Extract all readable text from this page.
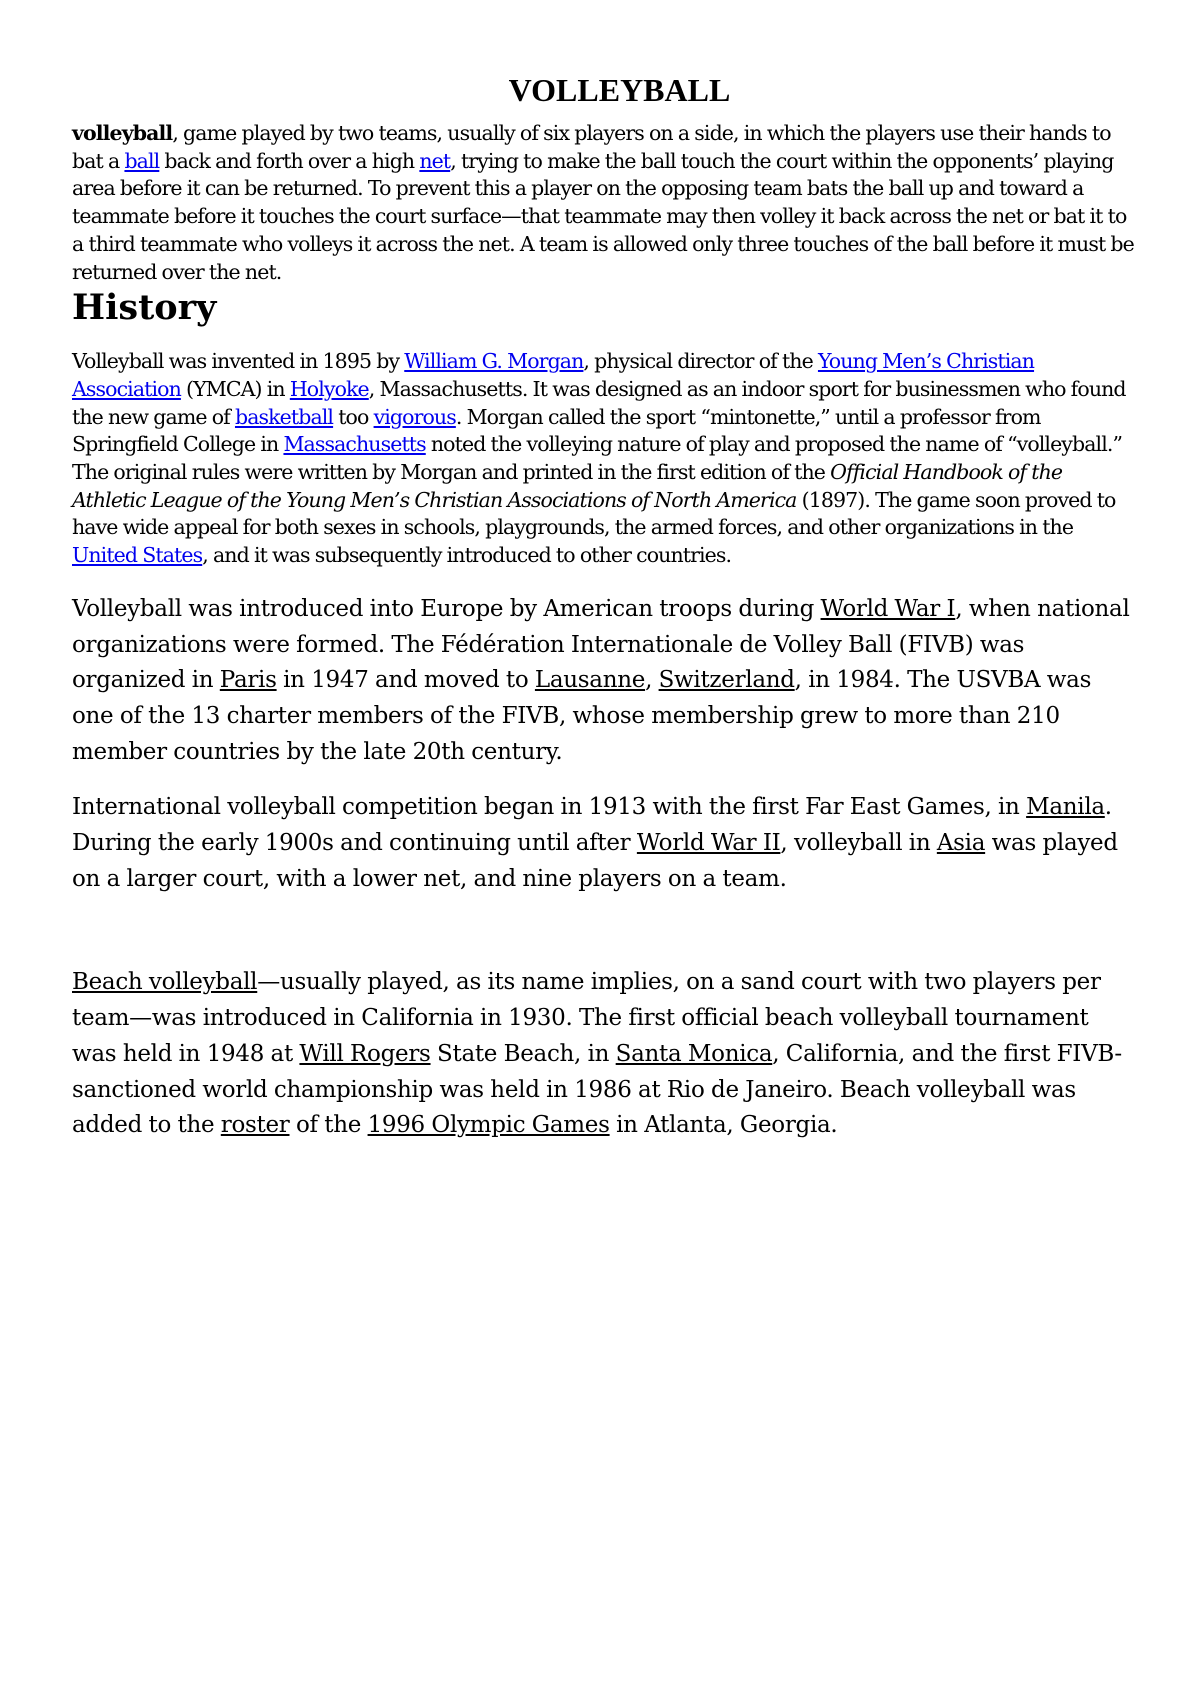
VOLLEYBALL

volleyball, game played by two teams, usually of six players on a side, in which the players use their hands to bat a ball back and forth over a high net, trying to make the ball touch the court within the opponents’ playing area before it can be returned. To prevent this a player on the opposing team bats the ball up and toward a teammate before it touches the court surface—that teammate may then volley it back across the net or bat it to a third teammate who volleys it across the net. A team is allowed only three touches of the ball before it must be returned over the net.

History

Volleyball was invented in 1895 by William G. Morgan, physical director of the Young Men’s Christian Association (YMCA) in Holyoke, Massachusetts. It was designed as an indoor sport for businessmen who found the new game of basketball too vigorous. Morgan called the sport “mintonette,” until a professor from Springfield College in Massachusetts noted the volleying nature of play and proposed the name of “volleyball.” The original rules were written by Morgan and printed in the first edition of the Official Handbook of the Athletic League of the Young Men’s Christian Associations of North America (1897). The game soon proved to have wide appeal for both sexes in schools, playgrounds, the armed forces, and other organizations in the United States, and it was subsequently introduced to other countries.

Volleyball was introduced into Europe by American troops during World War I, when national organizations were formed. The Fédération Internationale de Volley Ball (FIVB) was organized in Paris in 1947 and moved to Lausanne, Switzerland, in 1984. The USVBA was one of the 13 charter members of the FIVB, whose membership grew to more than 210 member countries by the late 20th century.

International volleyball competition began in 1913 with the first Far East Games, in Manila. During the early 1900s and continuing until after World War II, volleyball in Asia was played on a larger court, with a lower net, and nine players on a team.

Beach volleyball—usually played, as its name implies, on a sand court with two players per team—was introduced in California in 1930. The first official beach volleyball tournament was held in 1948 at Will Rogers State Beach, in Santa Monica, California, and the first FIVB-sanctioned world championship was held in 1986 at Rio de Janeiro. Beach volleyball was added to the roster of the 1996 Olympic Games in Atlanta, Georgia.
